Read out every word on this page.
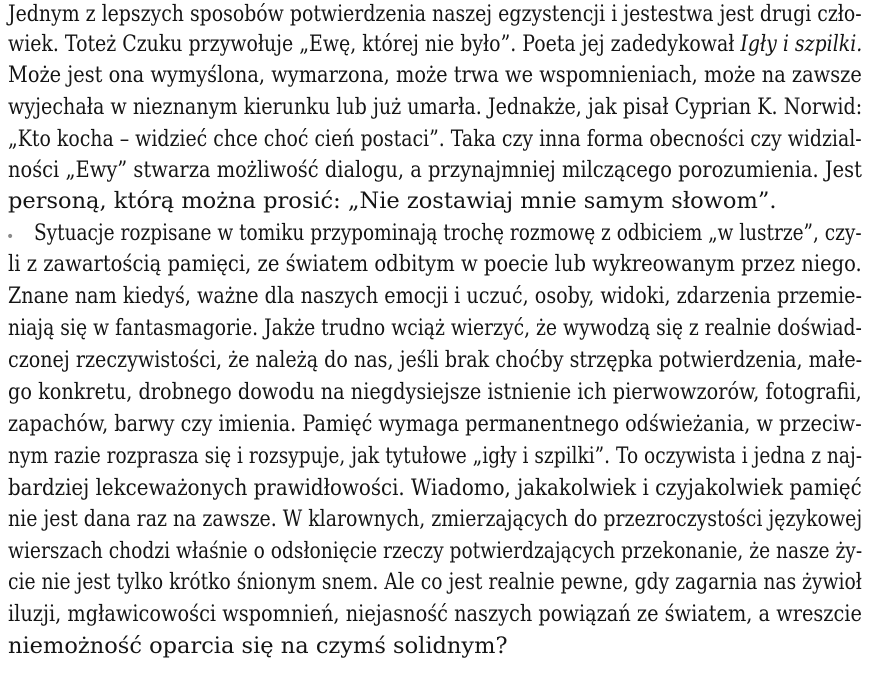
Jednym z lepszych sposobów potwierdzenia naszej egzystencji i jestestwa jest drugi czło-
wiek. Toteż Czuku przywołuje „Ewę, której nie było”. Poeta jej zadedykował Igły i szpilki.
Może jest ona wymyślona, wymarzona, może trwa we wspomnieniach, może na zawsze
wyjechała w nieznanym kierunku lub już umarła. Jednakże, jak pisał Cyprian K. Norwid:
„Kto kocha – widzieć chce choć cień postaci”. Taka czy inna forma obecności czy widzial-
ności „Ewy” stwarza możliwość dialogu, a przynajmniej milczącego porozumienia. Jest
personą, którą można prosić: „Nie zostawiaj mnie samym słowom”.
• Sytuacje rozpisane w tomiku przypominają trochę rozmowę z odbiciem „w lustrze”, czy-
li z zawartością pamięci, ze światem odbitym w poecie lub wykreowanym przez niego.
Znane nam kiedyś, ważne dla naszych emocji i uczuć, osoby, widoki, zdarzenia przemie-
niają się w fantasmagorie. Jakże trudno wciąż wierzyć, że wywodzą się z realnie doświad-
czonej rzeczywistości, że należą do nas, jeśli brak choćby strzępka potwierdzenia, małe-
go konkretu, drobnego dowodu na niegdysiejsze istnienie ich pierwowzorów, fotografii,
zapachów, barwy czy imienia. Pamięć wymaga permanentnego odświeżania, w przeciw-
nym razie rozprasza się i rozsypuje, jak tytułowe „igły i szpilki”. To oczywista i jedna z naj-
bardziej lekceważonych prawidłowości. Wiadomo, jakakolwiek i czyjakolwiek pamięć
nie jest dana raz na zawsze. W klarownych, zmierzających do przezroczystości językowej
wierszach chodzi właśnie o odsłonięcie rzeczy potwierdzających przekonanie, że nasze ży-
cie nie jest tylko krótko śnionym snem. Ale co jest realnie pewne, gdy zagarnia nas żywioł
iluzji, mgławicowości wspomnień, niejasność naszych powiązań ze światem, a wreszcie
niemożność oparcia się na czymś solidnym?
